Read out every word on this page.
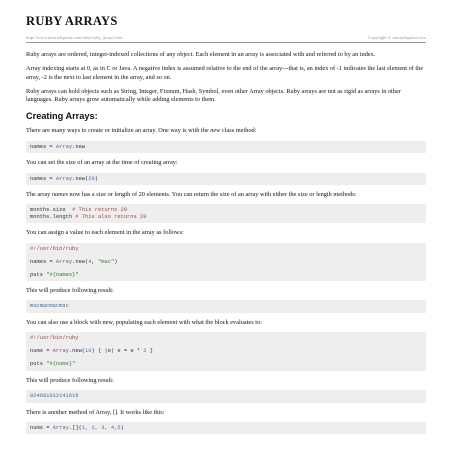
RUBY ARRAYS
http://www.tutorialspoint.com/ruby/ruby_arrays.htm	Copyright © tutorialspoint.com

Ruby arrays are ordered, integer-indexed collections of any object. Each element in an array is associated with and referred to by an index.

Array indexing starts at 0, as in C or Java. A negative index is assumed relative to the end of the array---that is, an index of -1 indicates the last element of the array, -2 is the next to last element in the array, and so on.

Ruby arrays can hold objects such as String, Integer, Fixnum, Hash, Symbol, even other Array objects. Ruby arrays are not as rigid as arrays in other languages. Ruby arrays grow automatically while adding elements to them.

Creating Arrays:

There are many ways to create or initialize an array. One way is with the new class method:

names = Array.new

You can set the size of an array at the time of creating array:

names = Array.new(20)

The array names now has a size or length of 20 elements. You can return the size of an array with either the size or length methods:

months.size  # This returns 20
months.length # This also returns 20

You can assign a value to each element in the array as follows:

#!/usr/bin/ruby

names = Array.new(4, "mac")

puts "#{names}"

This will produce following result:

macmacmacmac

You can also use a block with new, populating each element with what the block evaluates to:

#!/usr/bin/ruby

nums = Array.new(10) { |e| e = e * 2 }

puts "#{nums}"

This will produce following result:

024681012141618

There is another method of Array, []. It works like this:

nums = Array.[](1, 2, 3, 4,5)
